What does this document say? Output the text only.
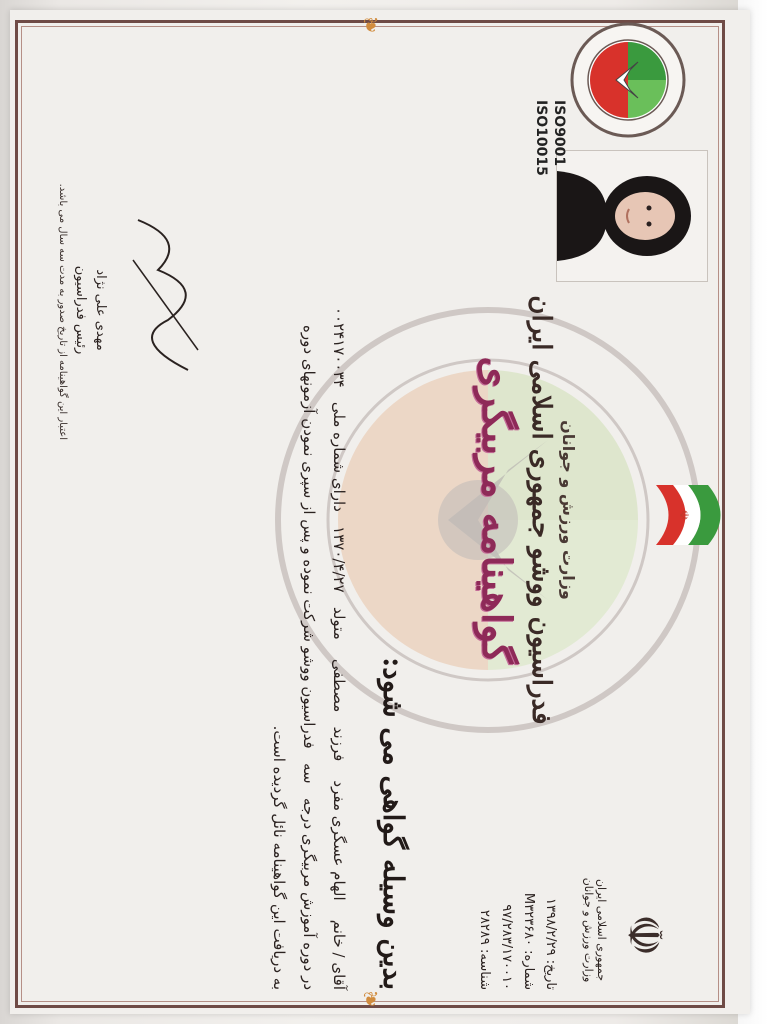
❦
❦
ISO9001
ISO10015
وزارت ورزش و جوانان
فدراسیون ووشو جمهوری اسلامی ایران
گواهینامه مربیگری	☫
☫
جمهوری اسلامی ایران
وزارت ورزش و جوانان
تاریخ: ۱۳۹۸/۲/۲۹
شماره: M۳۲۳۶۸۰
۹۷/۲۸۳/۱۷۰۰۱۰
شناسه: ۲۸۲۸۹
بدین وسیله گواهی می شود:
آقای / خانم    الهام عسگری مفرد    فرزند   مصطفی    متولد   ۱۳۷۰/۴/۲۷   دارای شماره ملی   ۰۰۲۴۱۷۰۰۳۴
در دوره آموزش مربیگری درجه   سه   فدراسیون ووشو شرکت نموده و پس از سپری نمودن آزمونهای دوره
به دریافت این گواهینامه نائل گردیده است.
مهدی علی نژاد
رئیس فدراسیون
اعتبار این گواهینامه از تاریخ صدور به مدت سه سال می باشد.
